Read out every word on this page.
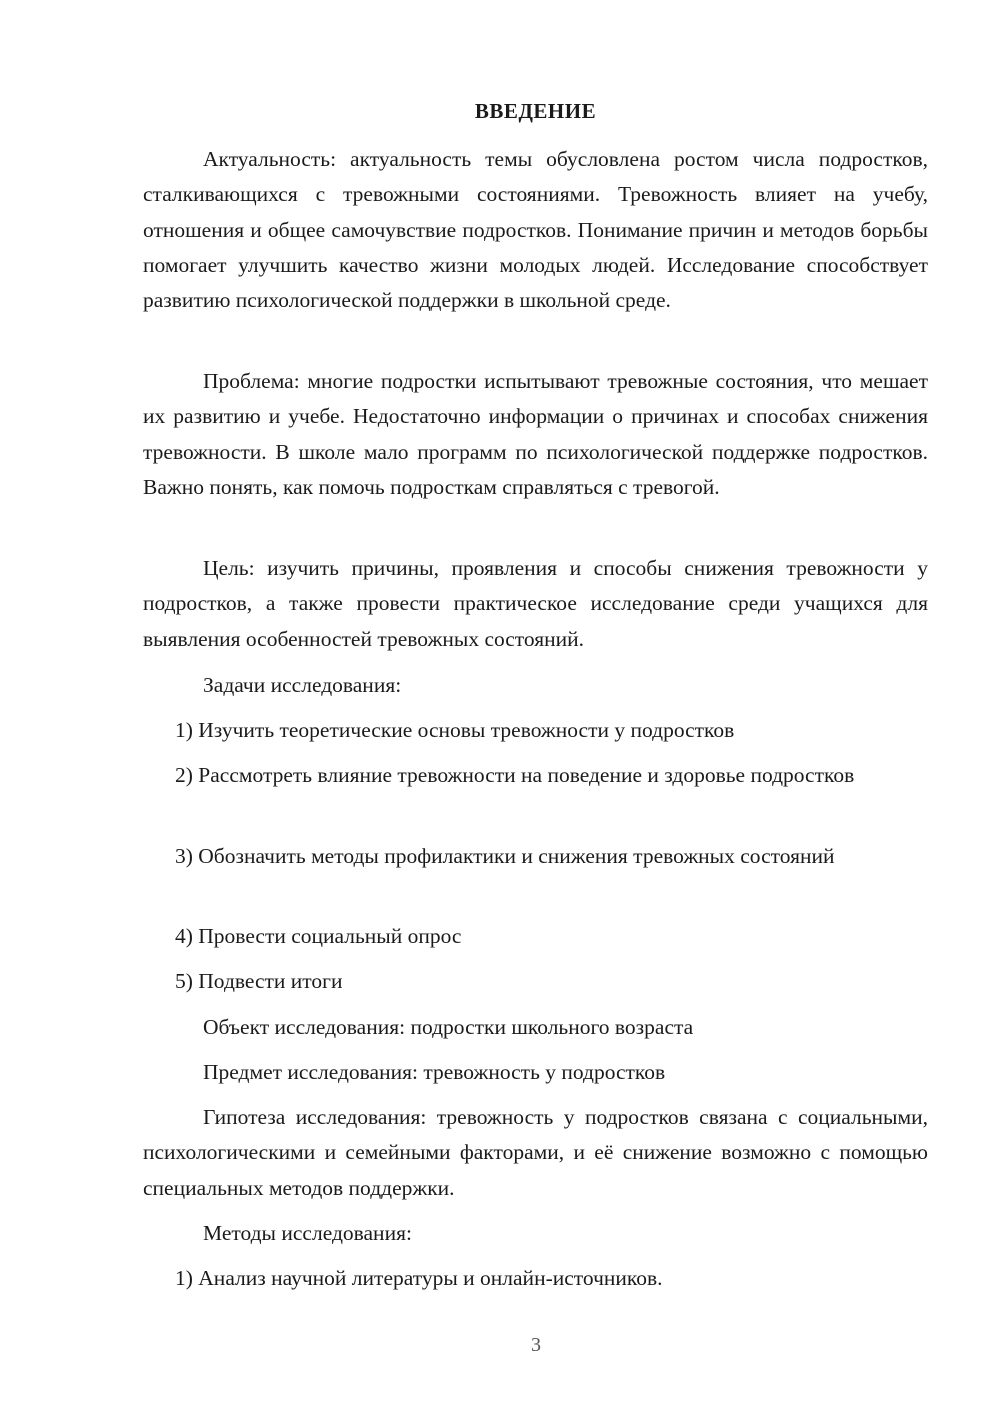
ВВЕДЕНИЕ

Актуальность: актуальность темы обусловлена ростом числа подростков, сталкивающихся с тревожными состояниями. Тревожность влияет на учебу, отношения и общее самочувствие подростков. Понимание причин и методов борьбы помогает улучшить качество жизни молодых людей. Исследование способствует развитию психологической поддержки в школьной среде.

Проблема: многие подростки испытывают тревожные состояния, что мешает их развитию и учебе. Недостаточно информации о причинах и способах снижения тревожности. В школе мало программ по психологической поддержке подростков. Важно понять, как помочь подросткам справляться с тревогой.

Цель: изучить причины, проявления и способы снижения тревожности у подростков, а также провести практическое исследование среди учащихся для выявления особенностей тревожных состояний.

Задачи исследования:

1) Изучить теоретические основы тревожности у подростков

2) Рассмотреть влияние тревожности на поведение и здоровье подростков

3) Обозначить методы профилактики и снижения тревожных состояний

4) Провести социальный опрос

5) Подвести итоги

Объект исследования: подростки школьного возраста

Предмет исследования: тревожность у подростков

Гипотеза исследования: тревожность у подростков связана с социальными, психологическими и семейными факторами, и её снижение возможно с помощью специальных методов поддержки.

Методы исследования:

1) Анализ научной литературы и онлайн-источников.

3
